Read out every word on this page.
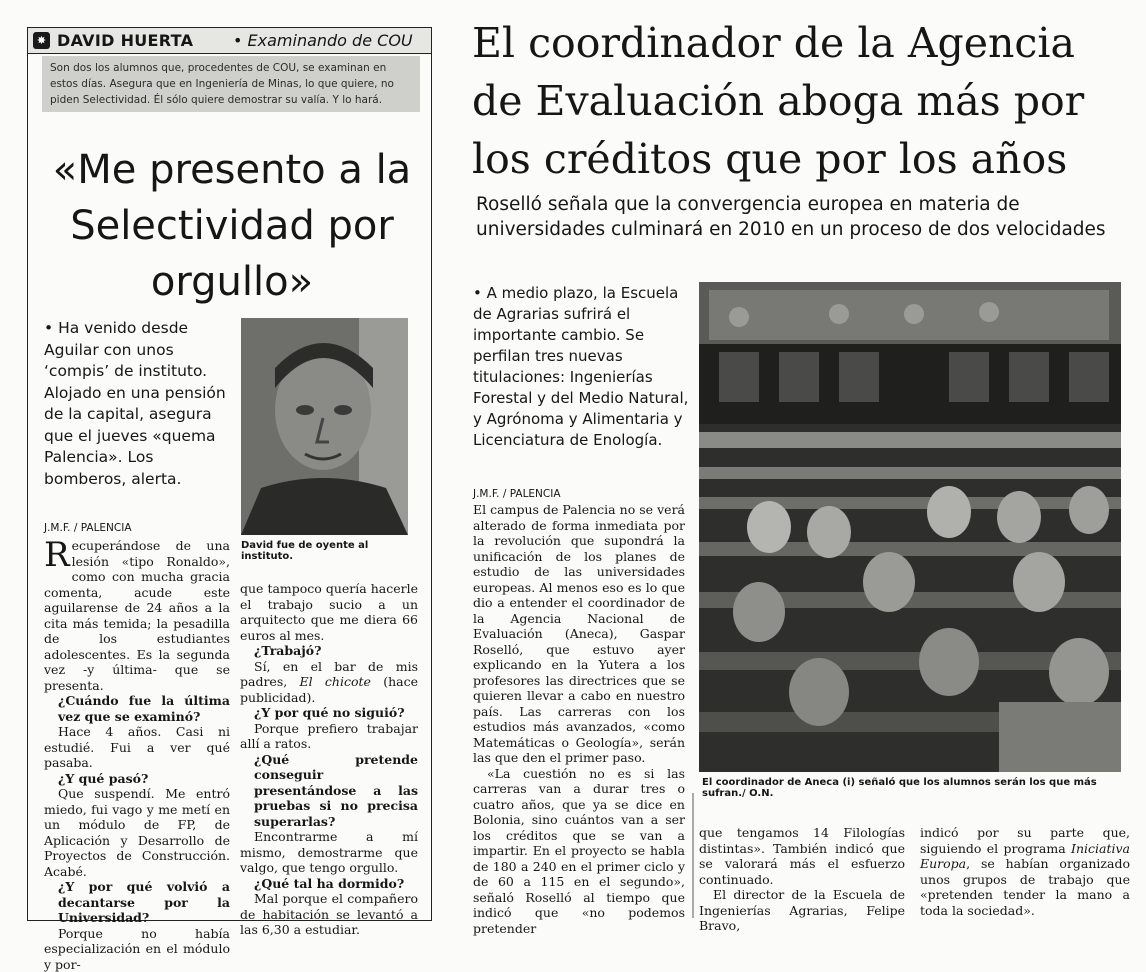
✸ DAVID HUERTA • Examinando de COU
Son dos los alumnos que, procedentes de COU, se examinan en estos días. Asegura que en Ingeniería de Minas, lo que quiere, no piden Selectividad. Él sólo quiere demostrar su valía. Y lo hará.
«Me presento a la Selectividad por orgullo»
• Ha venido desde Aguilar con unos ‘compis’ de instituto. Alojado en una pensión de la capital, asegura que el jueves «quema Palencia». Los bomberos, alerta.
David fue de oyente al instituto.
J.M.F. / PALENCIA
Recuperándose de una lesión «tipo Ronaldo», como con mucha gracia comenta, acude este aguilarense de 24 años a la cita más temida; la pesadilla de los estudiantes adolescentes. Es la segunda vez -y última- que se presenta.
¿Cuándo fue la última vez que se examinó?
Hace 4 años. Casi ni estudié. Fui a ver qué pasaba.
¿Y qué pasó?
Que suspendí. Me entró miedo, fui vago y me metí en un módulo de FP, de Aplicación y Desarrollo de Proyectos de Construcción. Acabé.
¿Y por qué volvió a decantarse por la Universidad?
Porque no había especialización en el módulo y por-
que tampoco quería hacerle el trabajo sucio a un arquitecto que me diera 66 euros al mes.
¿Trabajó?
Sí, en el bar de mis padres, El chicote (hace publicidad).
¿Y por qué no siguió?
Porque prefiero trabajar allí a ratos.
¿Qué pretende conseguir presentándose a las pruebas si no precisa superarlas?
Encontrarme a mí mismo, demostrarme que valgo, que tengo orgullo.
¿Qué tal ha dormido?
Mal porque el compañero de habitación se levantó a las 6,30 a estudiar.
El coordinador de la Agencia de Evaluación aboga más por los créditos que por los años
Roselló señala que la convergencia europea en materia de universidades culminará en 2010 en un proceso de dos velocidades
• A medio plazo, la Escuela de Agrarias sufrirá el importante cambio. Se perfilan tres nuevas titulaciones: Ingenierías Forestal y del Medio Natural, y Agrónoma y Alimentaria y Licenciatura de Enología.
J.M.F. / PALENCIA
El campus de Palencia no se verá alterado de forma inmediata por la revolución que supondrá la unificación de los planes de estudio de las universidades europeas. Al menos eso es lo que dio a entender el coordinador de la Agencia Nacional de Evaluación (Aneca), Gaspar Roselló, que estuvo ayer explicando en la Yutera a los profesores las directrices que se quieren llevar a cabo en nuestro país. Las carreras con los estudios más avanzados, «como Matemáticas o Geología», serán las que den el primer paso.
«La cuestión no es si las carreras van a durar tres o cuatro años, que ya se dice en Bolonia, sino cuántos van a ser los créditos que se van a impartir. En el proyecto se habla de 180 a 240 en el primer ciclo y de 60 a 115 en el segundo», señaló Roselló al tiempo que indicó que «no podemos pretender
El coordinador de Aneca (i) señaló que los alumnos serán los que más sufran./ O.N.
que tengamos 14 Filologías distintas». También indicó que se valorará más el esfuerzo continuado.
El director de la Escuela de Ingenierías Agrarias, Felipe Bravo,
indicó por su parte que, siguiendo el programa Iniciativa Europa, se habían organizado unos grupos de trabajo que «pretenden tender la mano a toda la sociedad».
